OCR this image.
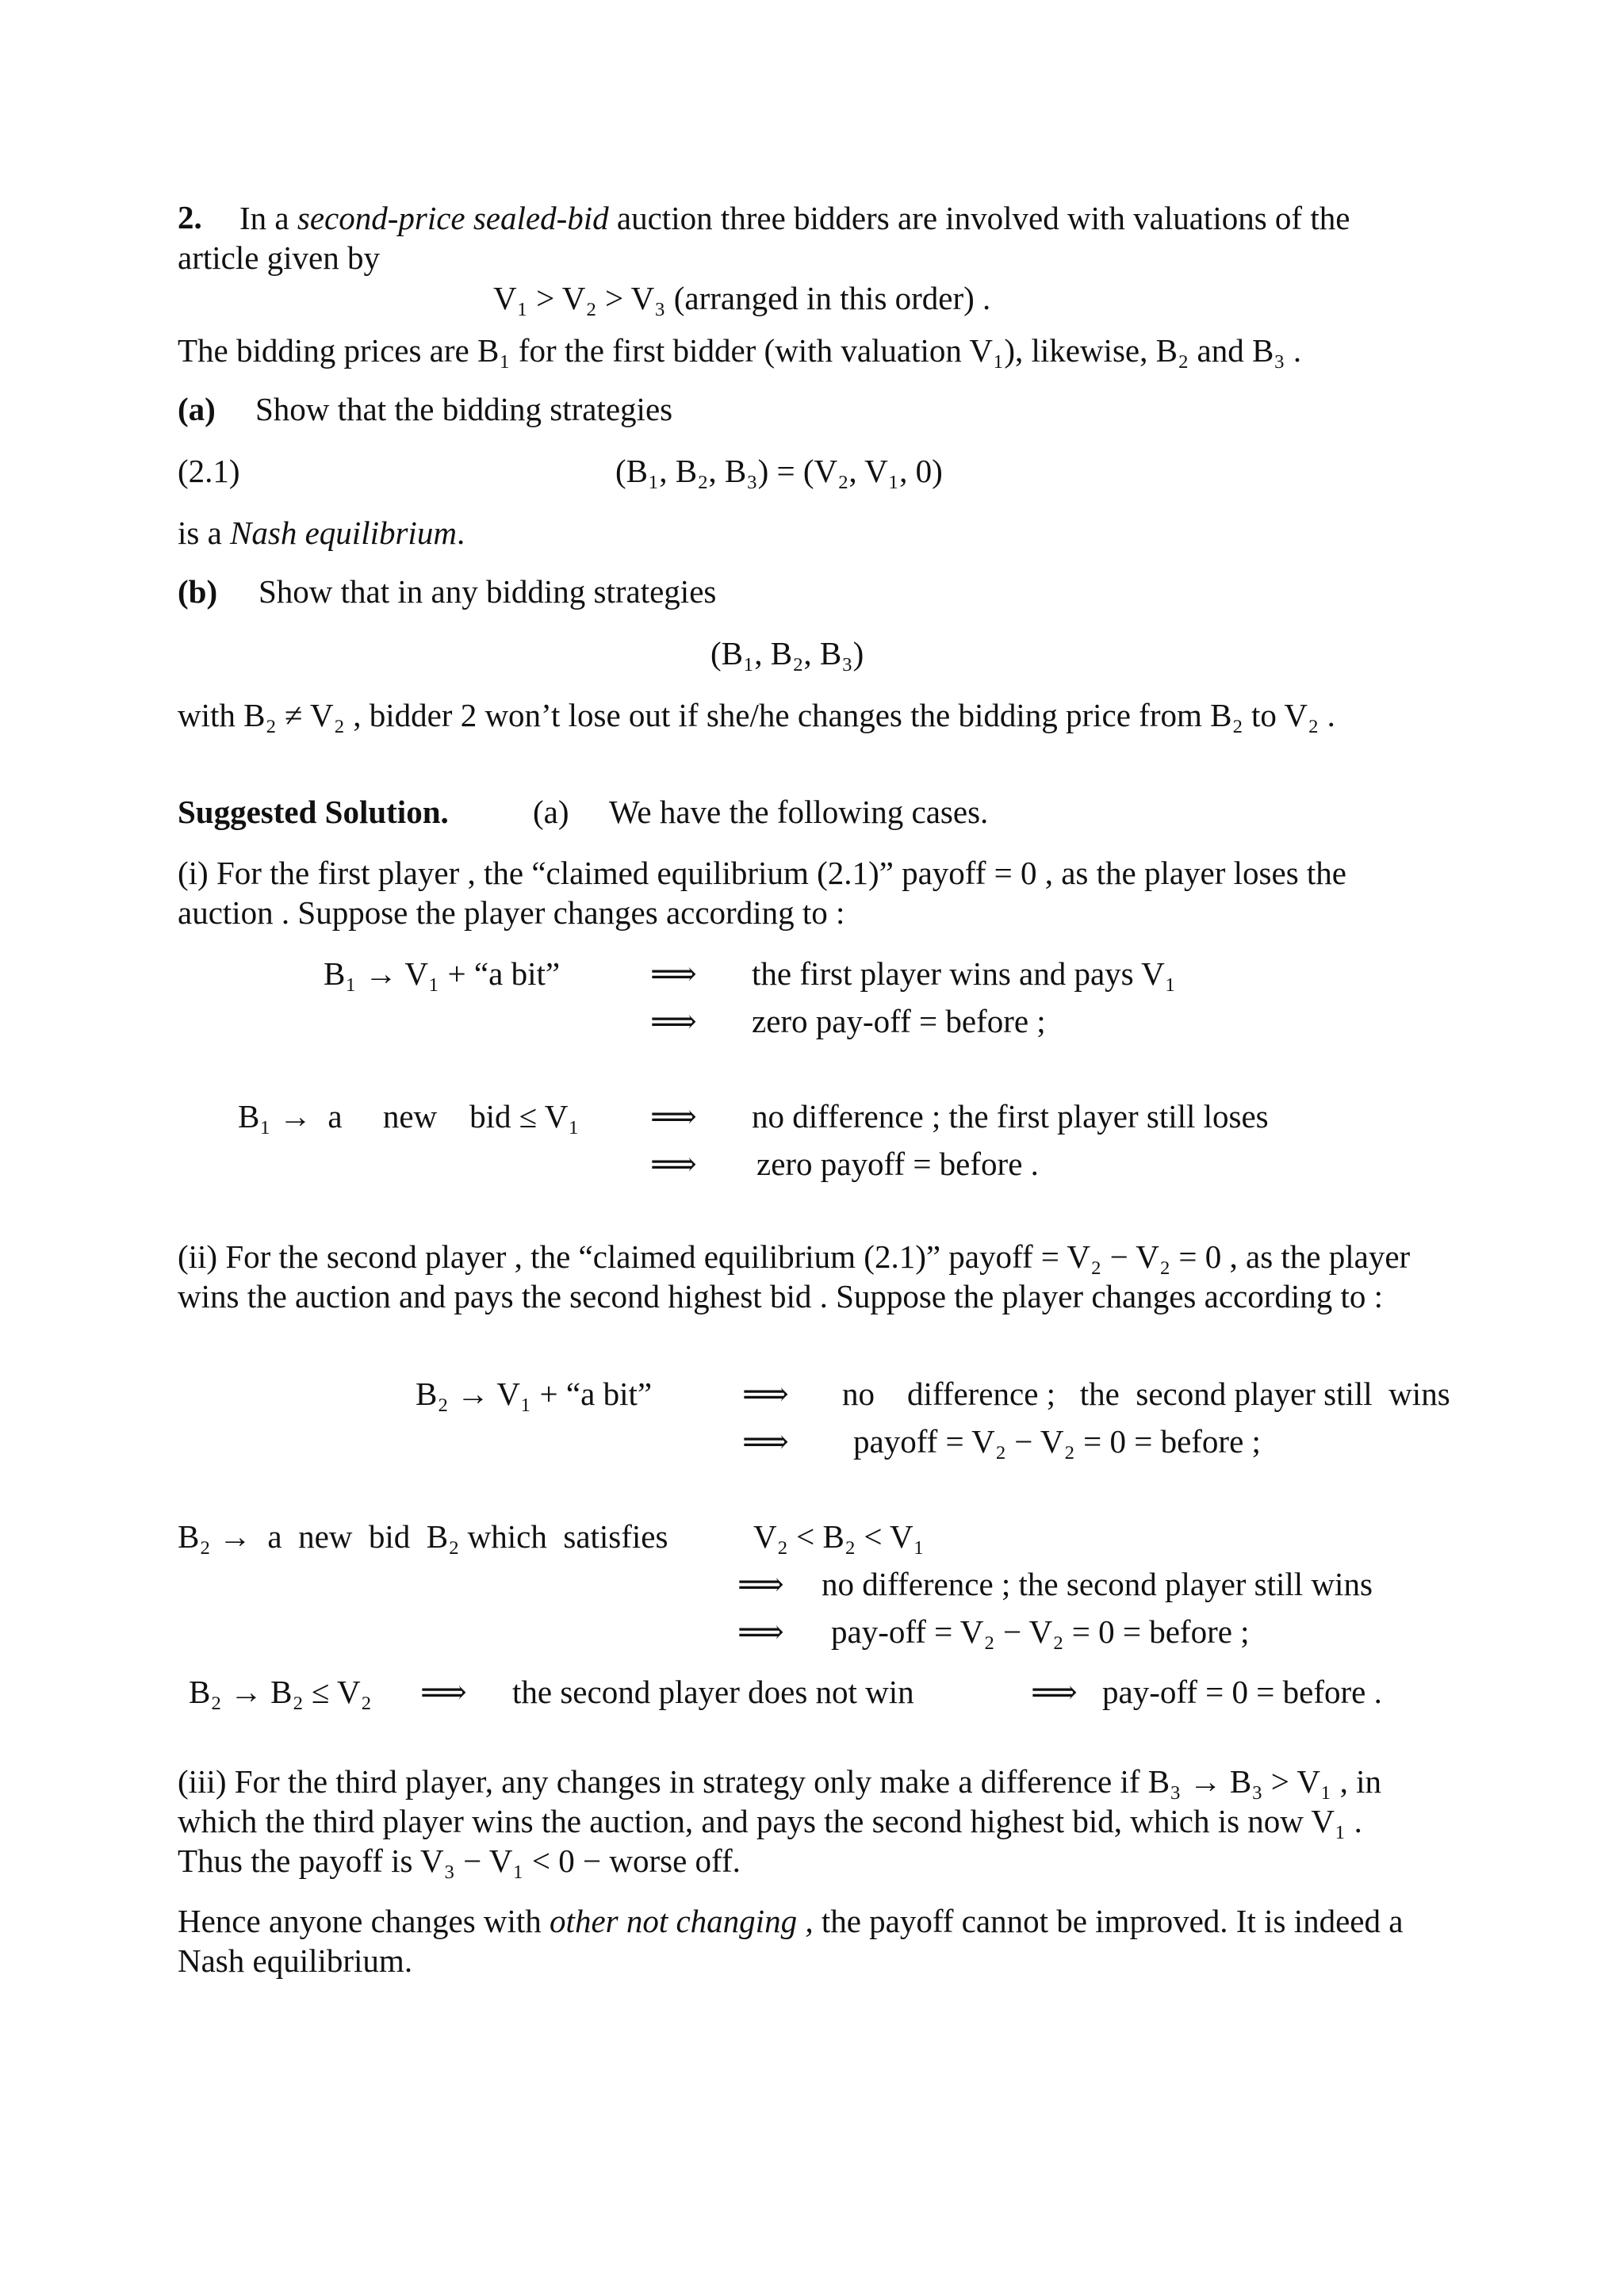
2.	In a second-price sealed-bid auction three bidders are involved with valuations of the article given by
V₁ > V₂ > V₃ (arranged in this order) .
The bidding prices are B₁ for the first bidder (with valuation V₁), likewise, B₂ and B₃ .
(a) Show that the bidding strategies
(2.1)	(B₁, B₂, B₃) = (V₂, V₁, 0)
is a Nash equilibrium.
(b) Show that in any bidding strategies
(B₁, B₂, B₃)
with B₂ ≠ V₂ , bidder 2 won’t lose out if she/he changes the bidding price from B₂ to V₂ .
Suggested Solution.	(a) We have the following cases.
(i) For the first player , the “claimed equilibrium (2.1)” payoff = 0 , as the player loses the auction . Suppose the player changes according to :
B₁ → V₁ + “a bit”	⟹ the first player wins and pays V₁
⟹ zero pay-off = before ;
B₁ →  a     new    bid ≤ V₁ ⟹ no difference ; the first player still loses
⟹ zero payoff = before .
(ii) For the second player , the “claimed equilibrium (2.1)” payoff = V₂ − V₂ = 0 , as the player wins the auction and pays the second highest bid . Suppose the player changes according to :
B₂ → V₁ + “a bit”	⟹ no    difference ;   the  second player still  wins
⟹ payoff = V₂ − V₂ = 0 = before ;
B₂ →  a  new  bid  B₂ which  satisfies	V₂ < B₂ < V₁
⟹ no difference ; the second player still wins
⟹ pay-off = V₂ − V₂ = 0 = before ;
B₂ → B₂ ≤ V₂ ⟹ the second player does not win	⟹ pay-off = 0 = before .
(iii) For the third player, any changes in strategy only make a difference if B₃ → B₃ > V₁ , in which the third player wins the auction, and pays the second highest bid, which is now V₁ . Thus the payoff is V₃ − V₁ < 0 − worse off.
Hence anyone changes with other not changing , the payoff cannot be improved. It is indeed a Nash equilibrium.
